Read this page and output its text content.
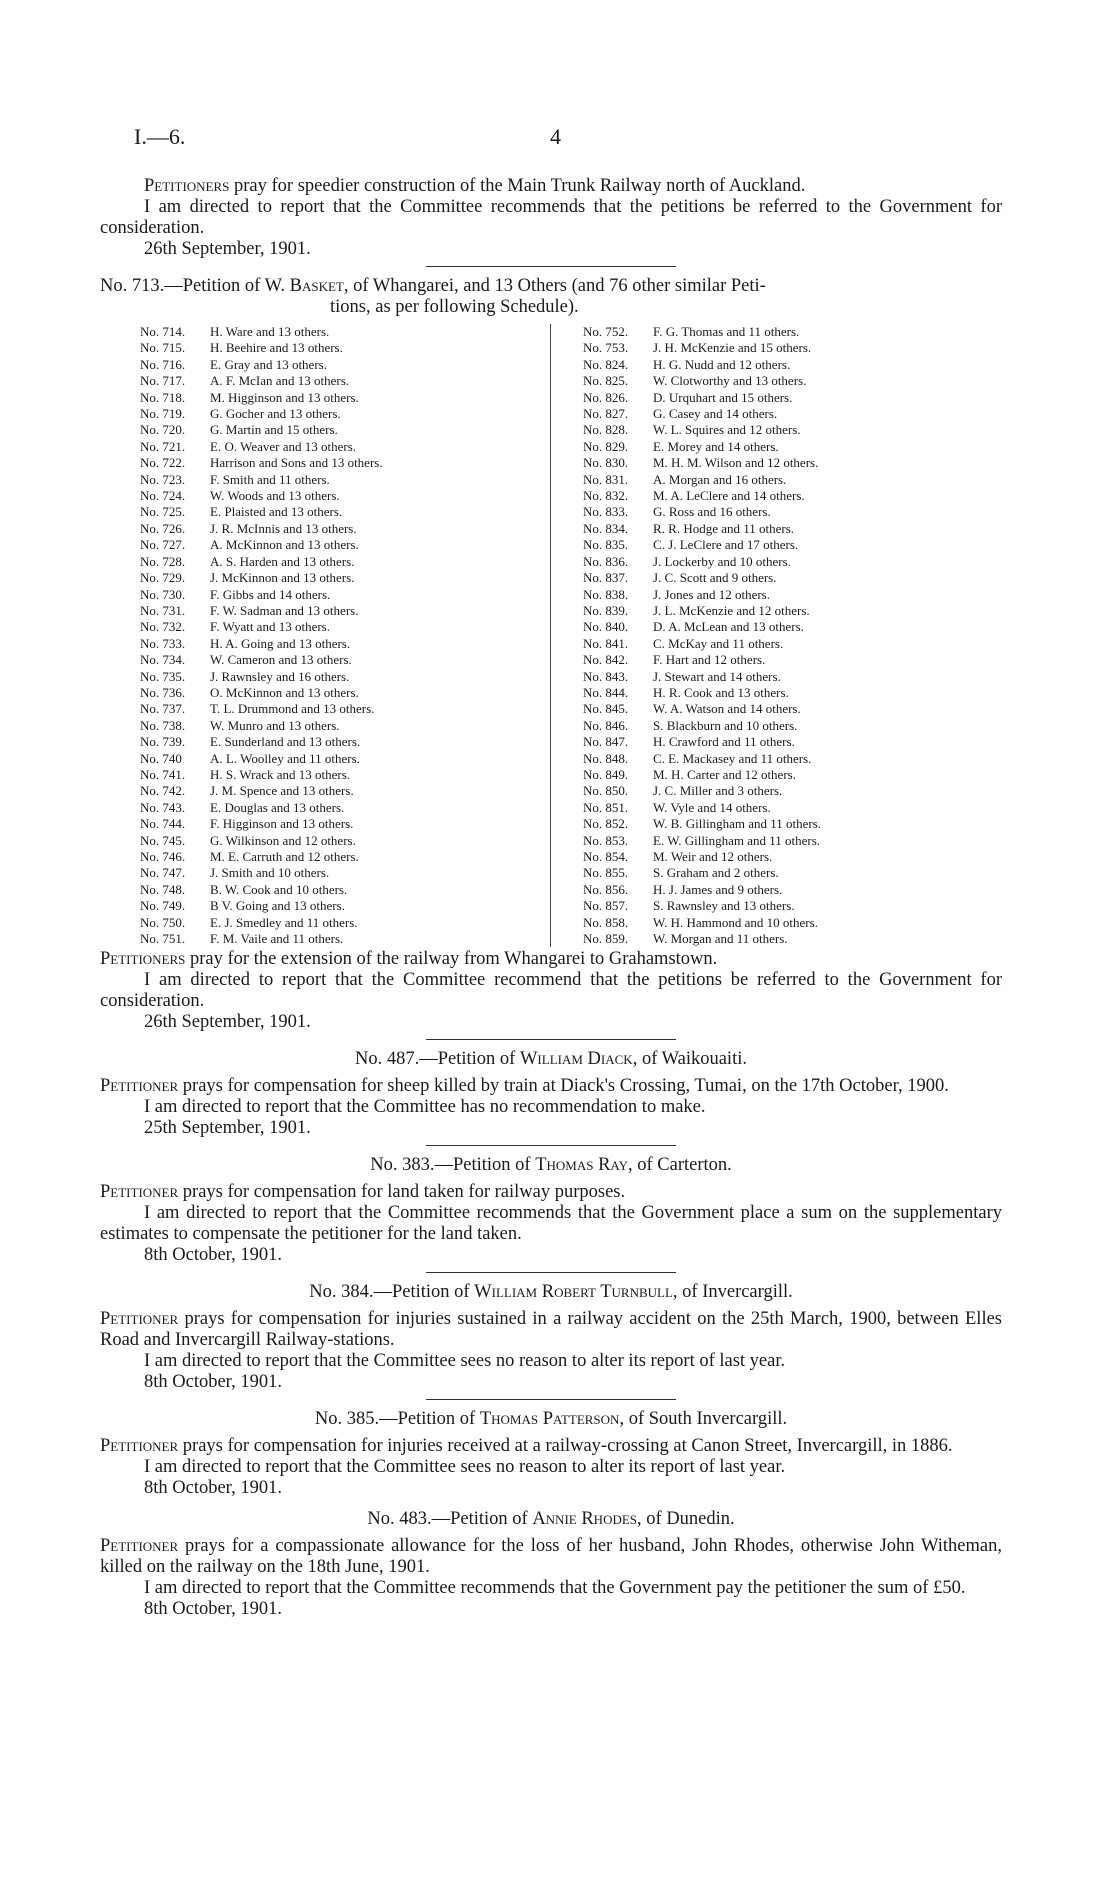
I.—6.	4

Petitioners pray for speedier construction of the Main Trunk Railway north of Auckland.

I am directed to report that the Committee recommends that the petitions be referred to the Government for consideration.

26th September, 1901.

No. 713.—Petition of W. Basket, of Whangarei, and 13 Others (and 76 other similar Peti-
tions, as per following Schedule).

No. 714. H. Ware and 13 others.
No. 715. H. Beehire and 13 others.
No. 716. E. Gray and 13 others.
No. 717. A. F. McIan and 13 others.
No. 718. M. Higginson and 13 others.
No. 719. G. Gocher and 13 others.
No. 720. G. Martin and 15 others.
No. 721. E. O. Weaver and 13 others.
No. 722. Harrison and Sons and 13 others.
No. 723. F. Smith and 11 others.
No. 724. W. Woods and 13 others.
No. 725. E. Plaisted and 13 others.
No. 726. J. R. McInnis and 13 others.
No. 727. A. McKinnon and 13 others.
No. 728. A. S. Harden and 13 others.
No. 729. J. McKinnon and 13 others.
No. 730. F. Gibbs and 14 others.
No. 731. F. W. Sadman and 13 others.
No. 732. F. Wyatt and 13 others.
No. 733. H. A. Going and 13 others.
No. 734. W. Cameron and 13 others.
No. 735. J. Rawnsley and 16 others.
No. 736. O. McKinnon and 13 others.
No. 737. T. L. Drummond and 13 others.
No. 738. W. Munro and 13 others.
No. 739. E. Sunderland and 13 others.
No. 740 A. L. Woolley and 11 others.
No. 741. H. S. Wrack and 13 others.
No. 742. J. M. Spence and 13 others.
No. 743. E. Douglas and 13 others.
No. 744. F. Higginson and 13 others.
No. 745. G. Wilkinson and 12 others.
No. 746. M. E. Carruth and 12 others.
No. 747. J. Smith and 10 others.
No. 748. B. W. Cook and 10 others.
No. 749. B V. Going and 13 others.
No. 750. E. J. Smedley and 11 others.
No. 751. F. M. Vaile and 11 others.
No. 752. F. G. Thomas and 11 others.
No. 753. J. H. McKenzie and 15 others.
No. 824. H. G. Nudd and 12 others.
No. 825. W. Clotworthy and 13 others.
No. 826. D. Urquhart and 15 others.
No. 827. G. Casey and 14 others.
No. 828. W. L. Squires and 12 others.
No. 829. E. Morey and 14 others.
No. 830. M. H. M. Wilson and 12 others.
No. 831. A. Morgan and 16 others.
No. 832. M. A. LeClere and 14 others.
No. 833. G. Ross and 16 others.
No. 834. R. R. Hodge and 11 others.
No. 835. C. J. LeClere and 17 others.
No. 836. J. Lockerby and 10 others.
No. 837. J. C. Scott and 9 others.
No. 838. J. Jones and 12 others.
No. 839. J. L. McKenzie and 12 others.
No. 840. D. A. McLean and 13 others.
No. 841. C. McKay and 11 others.
No. 842. F. Hart and 12 others.
No. 843. J. Stewart and 14 others.
No. 844. H. R. Cook and 13 others.
No. 845. W. A. Watson and 14 others.
No. 846. S. Blackburn and 10 others.
No. 847. H. Crawford and 11 others.
No. 848. C. E. Mackasey and 11 others.
No. 849. M. H. Carter and 12 others.
No. 850. J. C. Miller and 3 others.
No. 851. W. Vyle and 14 others.
No. 852. W. B. Gillingham and 11 others.
No. 853. E. W. Gillingham and 11 others.
No. 854. M. Weir and 12 others.
No. 855. S. Graham and 2 others.
No. 856. H. J. James and 9 others.
No. 857. S. Rawnsley and 13 others.
No. 858. W. H. Hammond and 10 others.
No. 859. W. Morgan and 11 others.

Petitioners pray for the extension of the railway from Whangarei to Grahamstown.

I am directed to report that the Committee recommend that the petitions be referred to the Government for consideration.

26th September, 1901.

No. 487.—Petition of William Diack, of Waikouaiti.

Petitioner prays for compensation for sheep killed by train at Diack's Crossing, Tumai, on the 17th October, 1900.

I am directed to report that the Committee has no recommendation to make.

25th September, 1901.

No. 383.—Petition of Thomas Ray, of Carterton.

Petitioner prays for compensation for land taken for railway purposes.

I am directed to report that the Committee recommends that the Government place a sum on the supplementary estimates to compensate the petitioner for the land taken.

8th October, 1901.

No. 384.—Petition of William Robert Turnbull, of Invercargill.

Petitioner prays for compensation for injuries sustained in a railway accident on the 25th March, 1900, between Elles Road and Invercargill Railway-stations.

I am directed to report that the Committee sees no reason to alter its report of last year.

8th October, 1901.

No. 385.—Petition of Thomas Patterson, of South Invercargill.

Petitioner prays for compensation for injuries received at a railway-crossing at Canon Street, Invercargill, in 1886.

I am directed to report that the Committee sees no reason to alter its report of last year.

8th October, 1901.

No. 483.—Petition of Annie Rhodes, of Dunedin.

Petitioner prays for a compassionate allowance for the loss of her husband, John Rhodes, otherwise John Witheman, killed on the railway on the 18th June, 1901.

I am directed to report that the Committee recommends that the Government pay the petitioner the sum of £50.

8th October, 1901.
